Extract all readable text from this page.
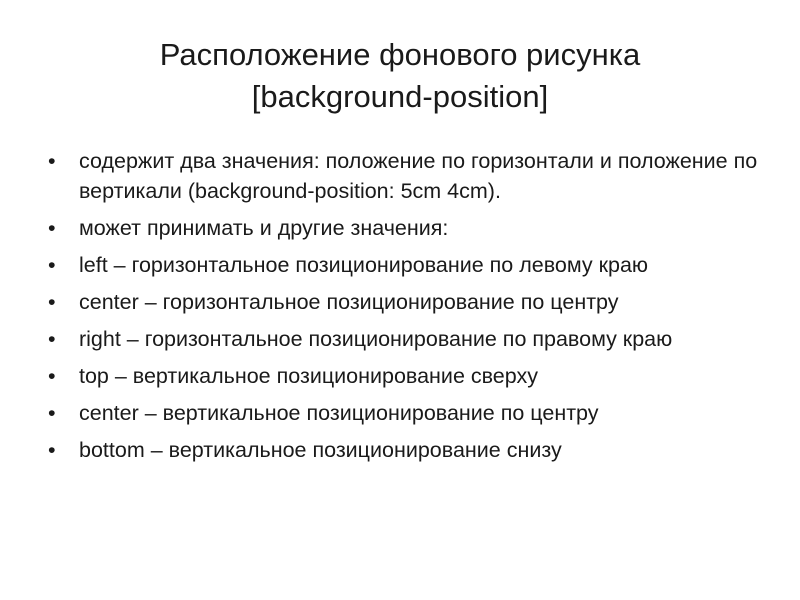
Расположение фонового рисунка
[background-position]
•	содержит два значения: положение по горизонтали и положение по вертикали (background-position: 5cm 4cm).
•	может принимать и другие значения:
•	left – горизонтальное позиционирование по левому краю
•	center – горизонтальное позиционирование по центру
•	right – горизонтальное позиционирование по правому краю
•	top – вертикальное позиционирование сверху
•	center – вертикальное позиционирование по центру
•	bottom – вертикальное позиционирование снизу
